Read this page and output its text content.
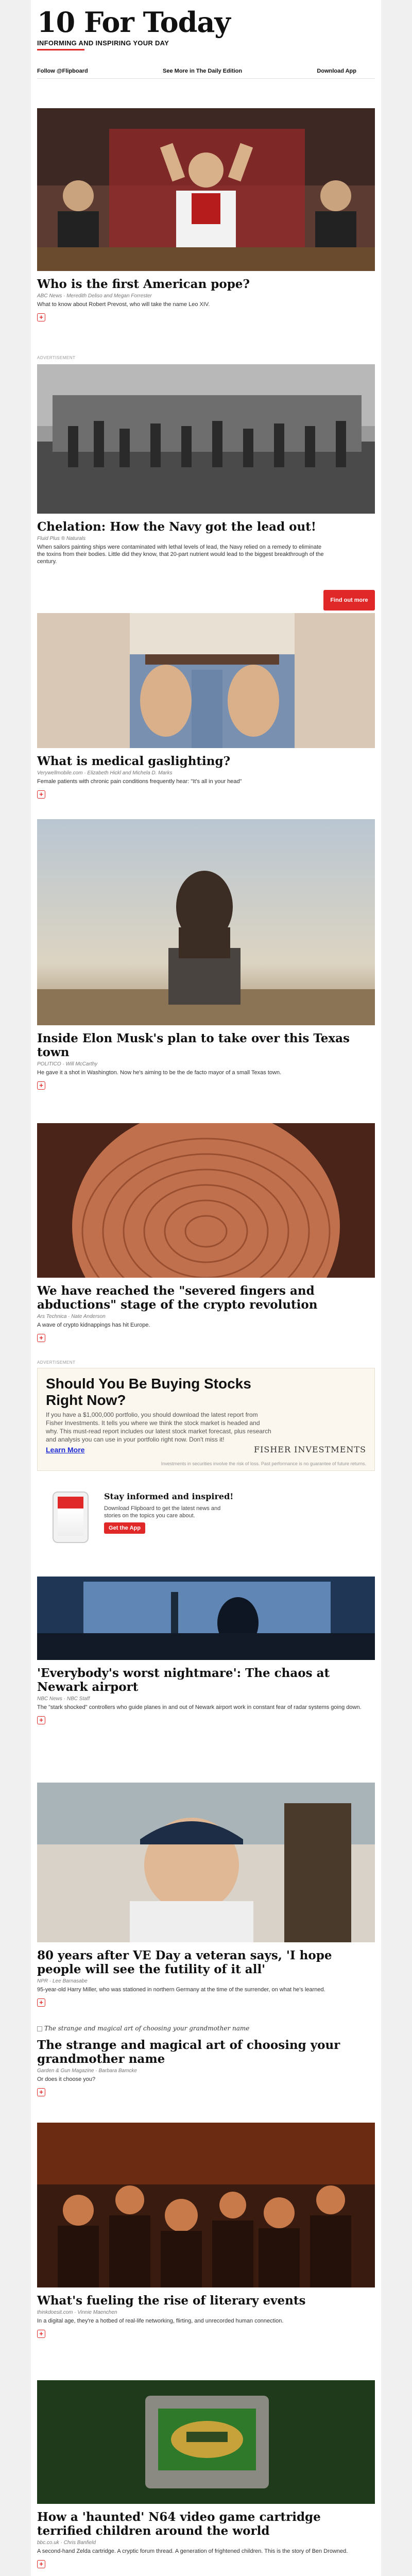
10 For Today
INFORMING AND INSPIRING YOUR DAY
Follow @Flipboard	See More in The Daily Edition	Download App
Who is the first American pope?
ABC News · Meredith Deliso and Megan Forrester
What to know about Robert Prevost, who will take the name Leo XIV.
+
ADVERTISEMENT
Chelation: How the Navy got the lead out!
Fluid Plus ® Naturals
When sailors painting ships were contaminated with lethal levels of lead, the Navy relied on a remedy to eliminate the toxins from their bodies. Little did they know, that 20-part nutrient would lead to the biggest breakthrough of the century.
Find out more
What is medical gaslighting?
Verywellmobile.com · Elizabeth Hickl and Michela D. Marks
Female patients with chronic pain conditions frequently hear: "It's all in your head"
+
Inside Elon Musk's plan to take over this Texas town
POLITICO · Will McCarthy
He gave it a shot in Washington. Now he's aiming to be the de facto mayor of a small Texas town.
+
We have reached the "severed fingers and abductions" stage of the crypto revolution
Ars Technica · Nate Anderson
A wave of crypto kidnappings has hit Europe.
+
ADVERTISEMENT
Should You Be Buying Stocks Right Now?
If you have a $1,000,000 portfolio, you should download the latest report from Fisher Investments. It tells you where we think the stock market is headed and why. This must-read report includes our latest stock market forecast, plus research and analysis you can use in your portfolio right now. Don't miss it!
Learn More	FISHER INVESTMENTS
Investments in securities involve the risk of loss. Past performance is no guarantee of future returns.
Stay informed and inspired!
Download Flipboard to get the latest news and stories on the topics you care about.
Get the App
'Everybody's worst nightmare': The chaos at Newark airport
NBC News · NBC Staff
The "stark shocked" controllers who guide planes in and out of Newark airport work in constant fear of radar systems going down.
+
80 years after VE Day a veteran says, 'I hope people will see the futility of it all'
NPR · Lee Barnasabe
95-year-old Harry Miller, who was stationed in northern Germany at the time of the surrender, on what he's learned.
+
The strange and magical art of choosing your grandmother name
The strange and magical art of choosing your grandmother name
Garden & Gun Magazine · Barbara Bamcke
Or does it choose you?
+
What's fueling the rise of literary events
thinkdoesit.com · Vinnie Maenchen
In a digital age, they're a hotbed of real-life networking, flirting, and unrecorded human connection.
+
How a 'haunted' N64 video game cartridge terrified children around the world
bbc.co.uk · Chris Banfield
A second-hand Zelda cartridge. A cryptic forum thread. A generation of frightened children. This is the story of Ben Drowned.
+
